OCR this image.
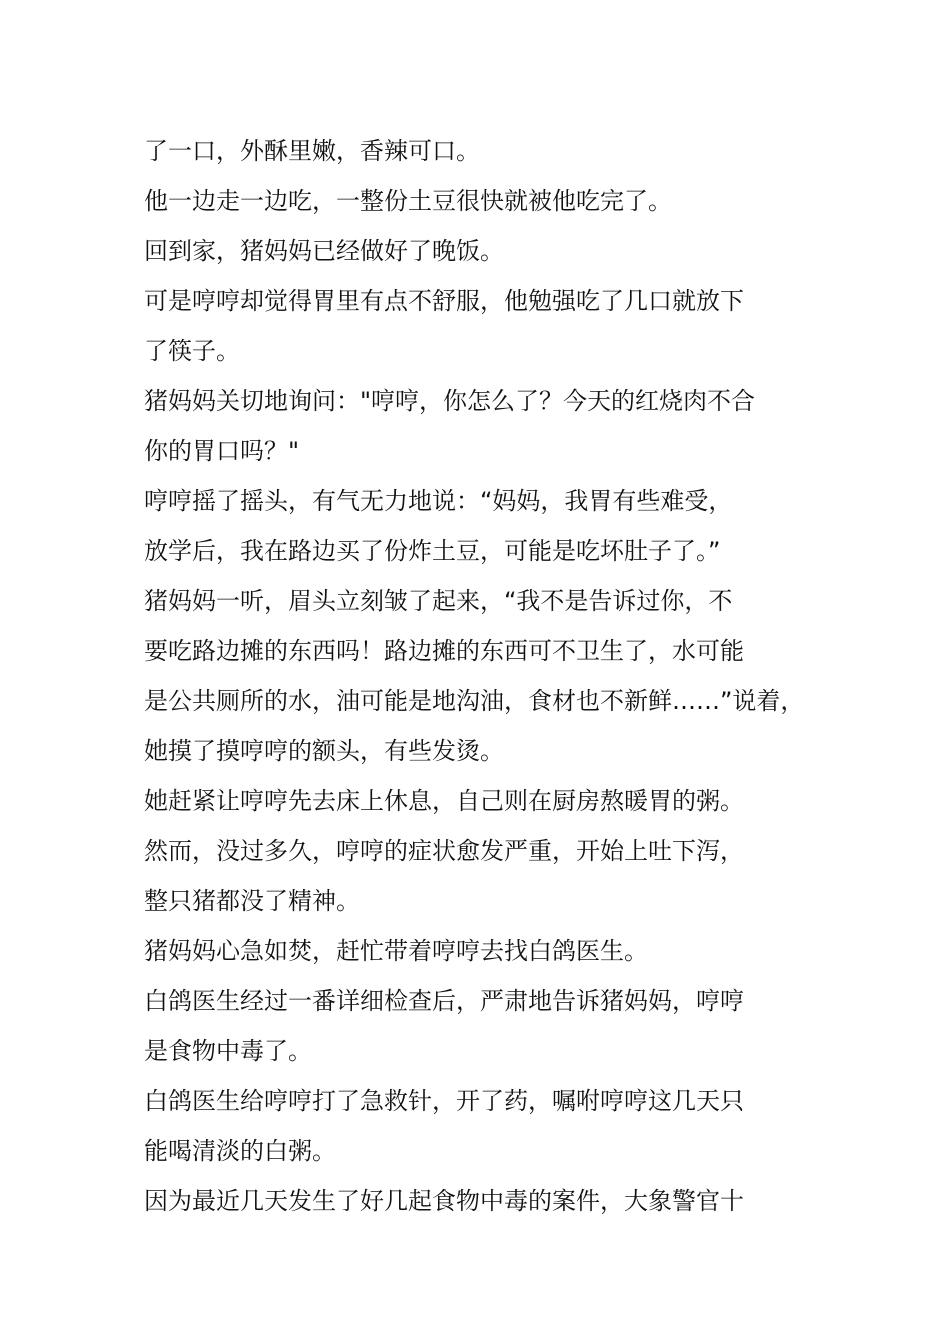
了一口，外酥里嫩，香辣可口。

他一边走一边吃，一整份土豆很快就被他吃完了。

回到家，猪妈妈已经做好了晚饭。

可是哼哼却觉得胃里有点不舒服，他勉强吃了几口就放下
了筷子。

猪妈妈关切地询问："哼哼，你怎么了？今天的红烧肉不合
你的胃口吗？"

哼哼摇了摇头，有气无力地说：“妈妈，我胃有些难受，
放学后，我在路边买了份炸土豆，可能是吃坏肚子了。”

猪妈妈一听，眉头立刻皱了起来，“我不是告诉过你，不
要吃路边摊的东西吗！路边摊的东西可不卫生了，水可能
是公共厕所的水，油可能是地沟油，食材也不新鲜……”说着，
她摸了摸哼哼的额头，有些发烫。

她赶紧让哼哼先去床上休息，自己则在厨房熬暖胃的粥。

然而，没过多久，哼哼的症状愈发严重，开始上吐下泻，
整只猪都没了精神。

猪妈妈心急如焚，赶忙带着哼哼去找白鸽医生。

白鸽医生经过一番详细检查后，严肃地告诉猪妈妈，哼哼
是食物中毒了。

白鸽医生给哼哼打了急救针，开了药，嘱咐哼哼这几天只
能喝清淡的白粥。

因为最近几天发生了好几起食物中毒的案件，大象警官十
